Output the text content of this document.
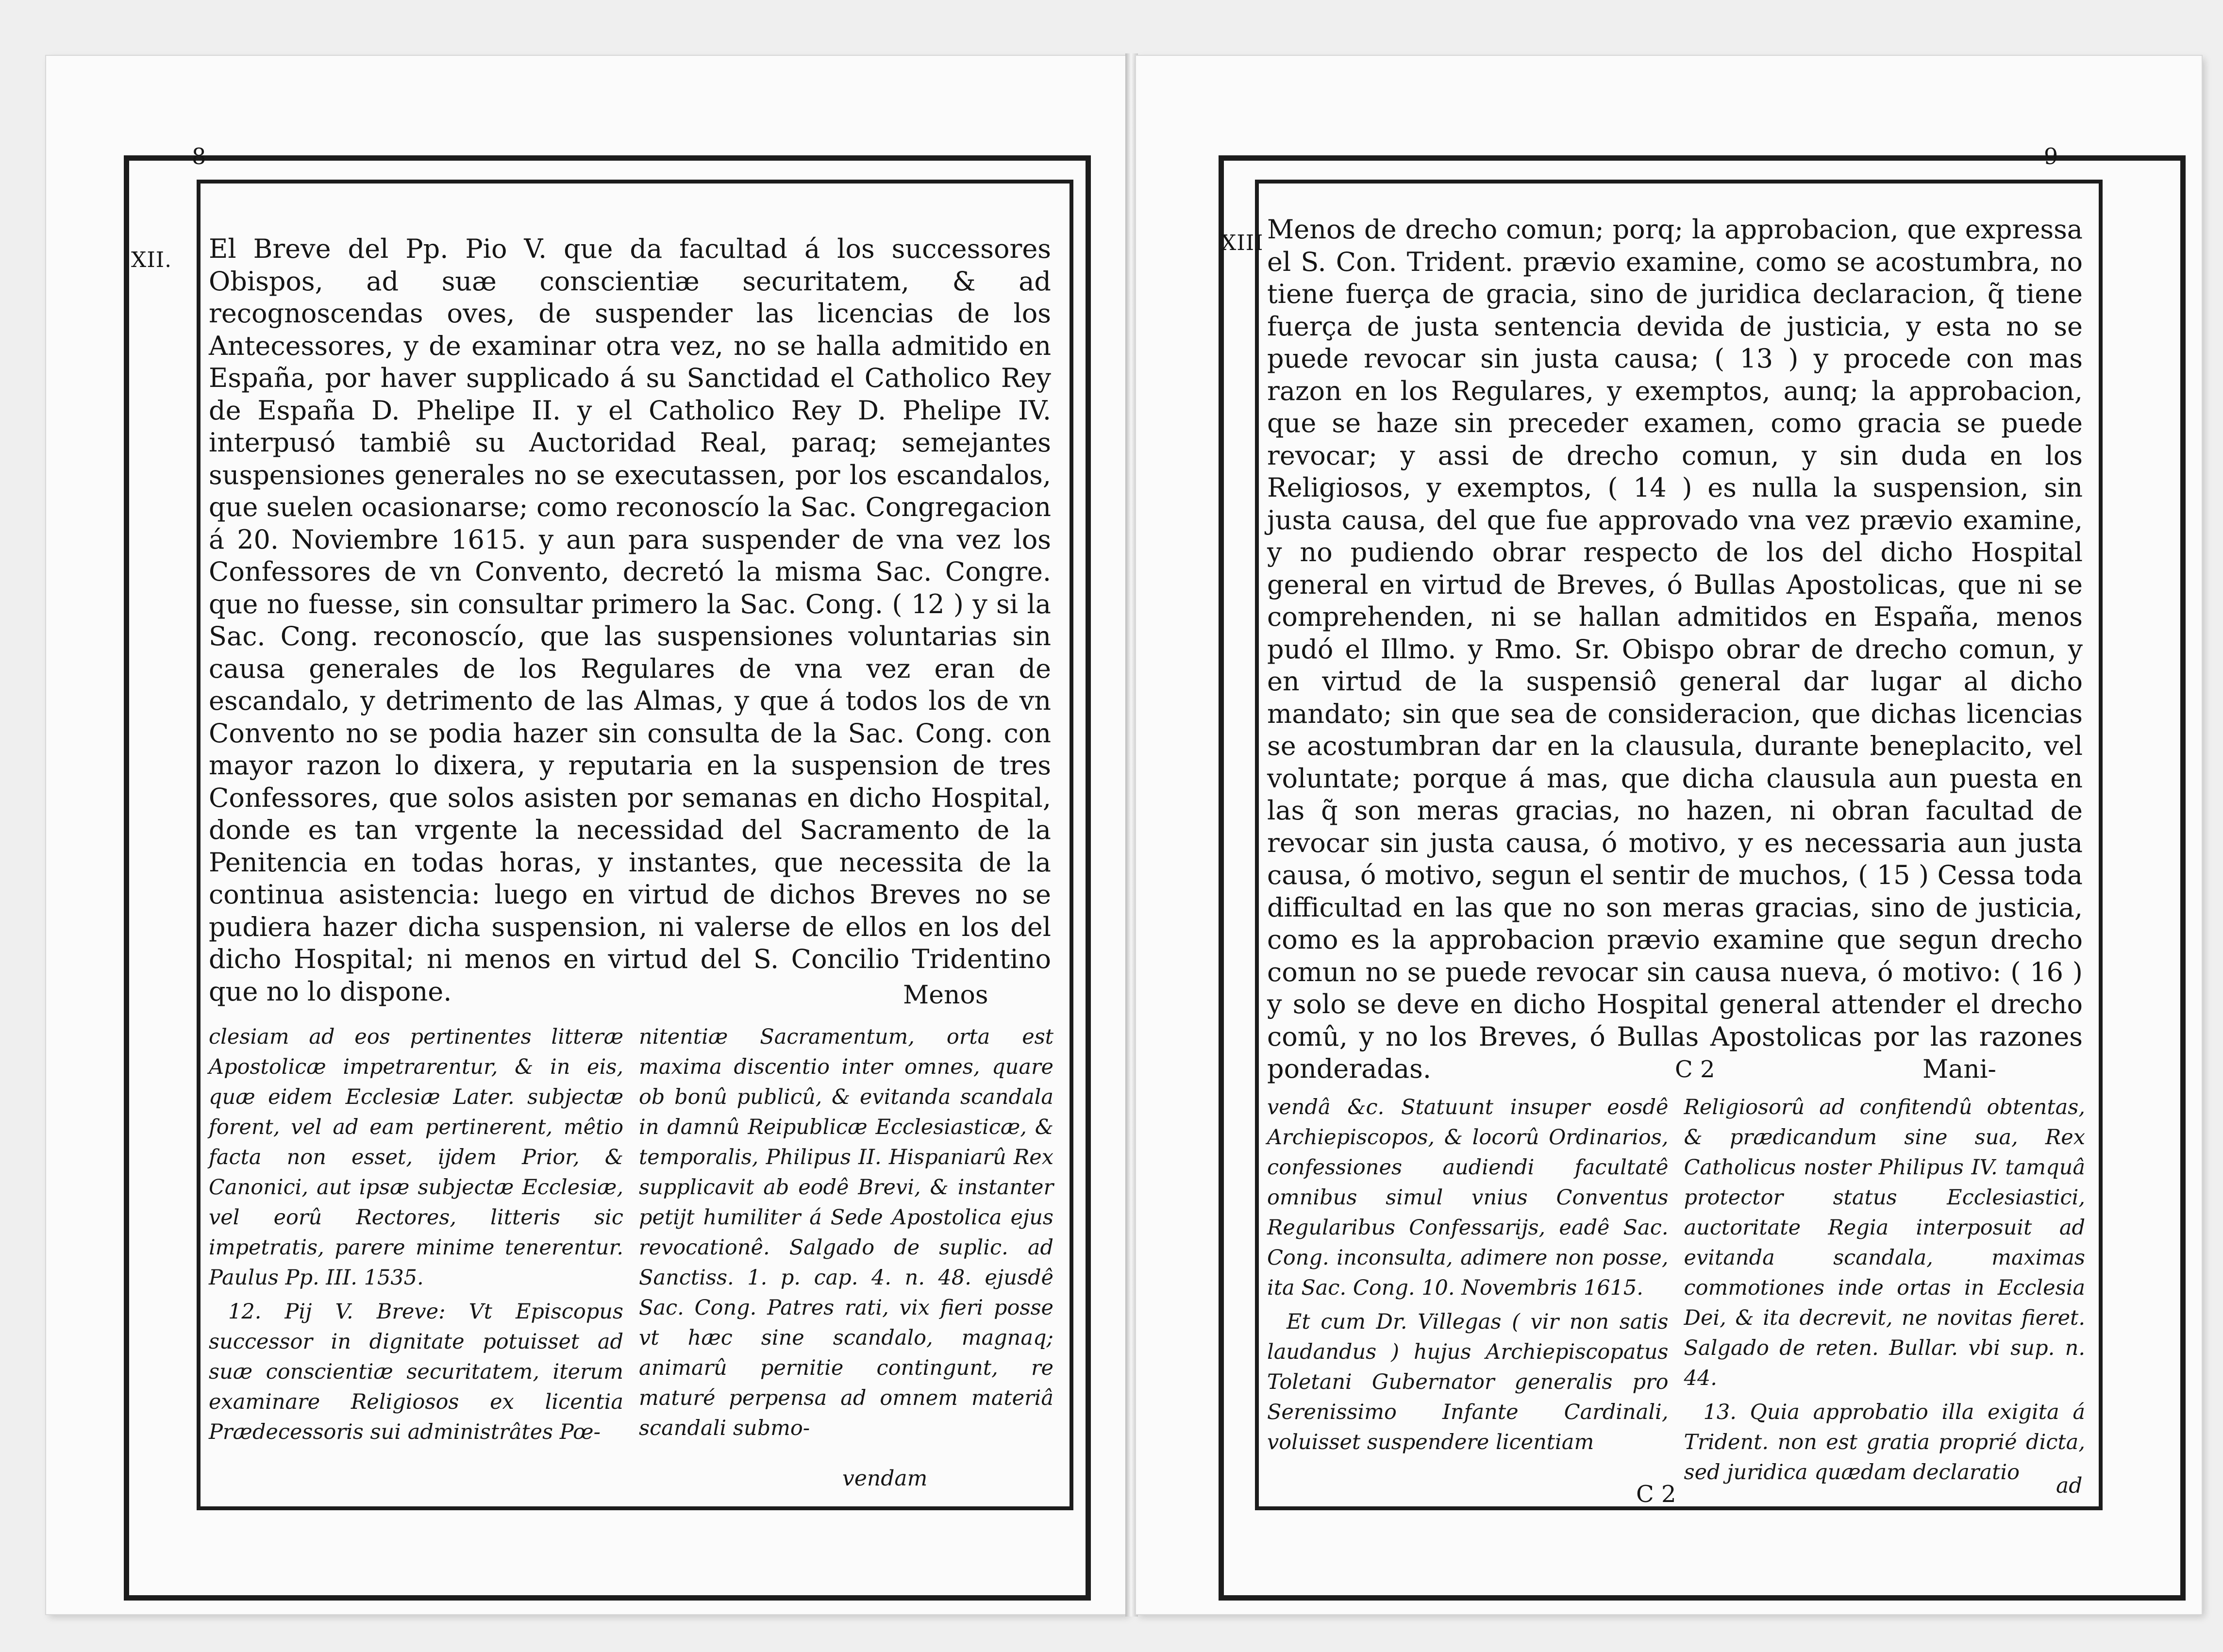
8
XII. El Breve del Pp. Pio V. que da facultad á los successores Obispos, ad suæ conscientiæ securitatem, & ad recognoscendas oves, de suspender las licencias de los Antecessores, y de examinar otra vez, no se halla admitido en España, por haver supplicado á su Sanctidad el Catholico Rey de España D. Phelipe II. y el Catholico Rey D. Phelipe IV. interpusó tambiê su Auctoridad Real, paraq; semejantes suspensiones generales no se executassen, por los escandalos, que suelen ocasionarse; como reconoscío la Sac. Congregacion á 20. Noviembre 1615. y aun para suspender de vna vez los Confessores de vn Convento, decretó la misma Sac. Congre. que no fuesse, sin consultar primero la Sac. Cong. ( 12 ) y si la Sac. Cong. reconoscío, que las suspensiones voluntarias sin causa generales de los Regulares de vna vez eran de escandalo, y detrimento de las Almas, y que á todos los de vn Convento no se podia hazer sin consulta de la Sac. Cong. con mayor razon lo dixera, y reputaria en la suspension de tres Confessores, que solos asisten por semanas en dicho Hospital, donde es tan vrgente la necessidad del Sacramento de la Penitencia en todas horas, y instantes, que necessita de la continua asistencia: luego en virtud de dichos Breves no se pudiera hazer dicha suspension, ni valerse de ellos en los del dicho Hospital; ni menos en virtud del S. Concilio Tridentino que no lo dispone.	Menos

clesiam ad eos pertinentes litteræ Apostolicæ impetrarentur, & in eis, quæ eidem Ecclesiæ Later. subjectæ forent, vel ad eam pertinerent, mêtio facta non esset, ijdem Prior, & Canonici, aut ipsæ subjectæ Ecclesiæ, vel eorû Rectores, litteris sic impetratis, parere minime tenerentur. Paulus Pp. III. 1535.

12. Pij V. Breve: Vt Episcopus successor in dignitate potuisset ad suæ conscientiæ securitatem, iterum examinare Religiosos ex licentia Prædecessoris sui administrâtes Pœ-

nitentiæ Sacramentum, orta est maxima discentio inter omnes, quare ob bonû publicû, & evitanda scandala in damnû Reipublicæ Ecclesiasticæ, & temporalis, Philipus II. Hispaniarû Rex supplicavit ab eodê Brevi, & instanter petijt humiliter á Sede Apostolica ejus revocationê. Salgado de suplic. ad Sanctiss. 1. p. cap. 4. n. 48. ejusdê Sac. Cong. Patres rati, vix fieri posse vt hæc sine scandalo, magnaq; animarû pernitie contingunt, re maturé perpensa ad omnem materiâ scandali submo-

vendam
9
XIII Menos de drecho comun; porq; la approbacion, que expressa el S. Con. Trident. prævio examine, como se acostumbra, no tiene fuerça de gracia, sino de juridica declaracion, q̃ tiene fuerça de justa sentencia devida de justicia, y esta no se puede revocar sin justa causa; ( 13 ) y procede con mas razon en los Regulares, y exemptos, aunq; la approbacion, que se haze sin preceder examen, como gracia se puede revocar; y assi de drecho comun, y sin duda en los Religiosos, y exemptos, ( 14 ) es nulla la suspension, sin justa causa, del que fue approvado vna vez prævio examine, y no pudiendo obrar respecto de los del dicho Hospital general en virtud de Breves, ó Bullas Apostolicas, que ni se comprehenden, ni se hallan admitidos en España, menos pudó el Illmo. y Rmo. Sr. Obispo obrar de drecho comun, y en virtud de la suspensiô general dar lugar al dicho mandato; sin que sea de consideracion, que dichas licencias se acostumbran dar en la clausula, durante beneplacito, vel voluntate; porque á mas, que dicha clausula aun puesta en las q̃ son meras gracias, no hazen, ni obran facultad de revocar sin justa causa, ó motivo, y es necessaria aun justa causa, ó motivo, segun el sentir de muchos, ( 15 ) Cessa toda difficultad en las que no son meras gracias, sino de justicia, como es la approbacion prævio examine que segun drecho comun no se puede revocar sin causa nueva, ó motivo: ( 16 ) y solo se deve en dicho Hospital general attender el drecho comû, y no los Breves, ó Bullas Apostolicas por las razones ponderadas.	C 2	Mani-

vendâ &c. Statuunt insuper eosdê Archiepiscopos, & locorû Ordinarios, confessiones audiendi facultatê omnibus simul vnius Conventus Regularibus Confessarijs, eadê Sac. Cong. inconsulta, adimere non posse, ita Sac. Cong. 10. Novembris 1615.

Et cum Dr. Villegas ( vir non satis laudandus ) hujus Archiepiscopatus Toletani Gubernator generalis pro Serenissimo Infante Cardinali, voluisset suspendere licentiam

Religiosorû ad confitendû obtentas, & prædicandum sine sua, Rex Catholicus noster Philipus IV. tamquâ protector status Ecclesiastici, auctoritate Regia interposuit ad evitanda scandala, maximas commotiones inde ortas in Ecclesia Dei, & ita decrevit, ne novitas fieret. Salgado de reten. Bullar. vbi sup. n. 44.

13. Quia approbatio illa exigita á Trident. non est gratia proprié dicta, sed juridica quædam declaratio

ad
C 2
